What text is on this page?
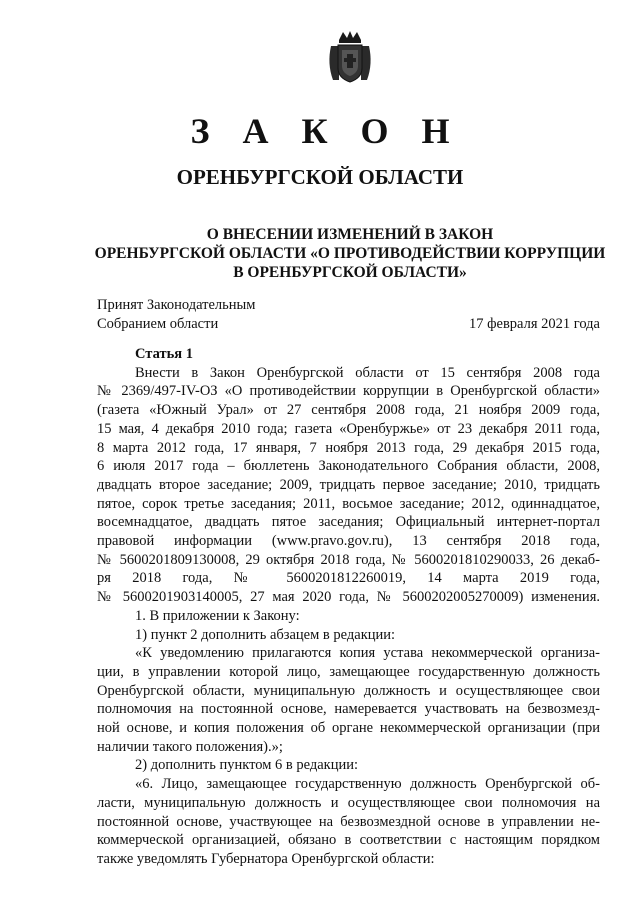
З А К О Н
ОРЕНБУРГСКОЙ ОБЛАСТИ
О ВНЕСЕНИИ ИЗМЕНЕНИЙ В ЗАКОН
ОРЕНБУРГСКОЙ ОБЛАСТИ «О ПРОТИВОДЕЙСТВИИ КОРРУПЦИИ
В ОРЕНБУРГСКОЙ ОБЛАСТИ»
Принят Законодательным
Собранием области	17 февраля 2021 года
Статья 1
Внести в Закон Оренбургской области от 15 сентября 2008 года
№ 2369/497-IV-ОЗ «О противодействии коррупции в Оренбургской области»
(газета «Южный Урал» от 27 сентября 2008 года, 21 ноября 2009 года,
15 мая, 4 декабря 2010 года; газета «Оренбуржье» от 23 декабря 2011 года,
8 марта 2012 года, 17 января, 7 ноября 2013 года, 29 декабря 2015 года,
6 июля 2017 года – бюллетень Законодательного Собрания области, 2008,
двадцать второе заседание; 2009, тридцать первое заседание; 2010, тридцать
пятое, сорок третье заседания; 2011, восьмое заседание; 2012, одиннадцатое,
восемнадцатое, двадцать пятое заседания; Официальный интернет-портал
правовой информации (www.pravo.gov.ru), 13 сентября 2018 года,
№ 5600201809130008, 29 октября 2018 года, № 5600201810290033, 26 декаб-
ря 2018 года, № 5600201812260019, 14 марта 2019 года,
№ 5600201903140005, 27 мая 2020 года, № 5600202005270009) изменения.
1. В приложении к Закону:
1) пункт 2 дополнить абзацем в редакции:
«К уведомлению прилагаются копия устава некоммерческой организа-
ции, в управлении которой лицо, замещающее государственную должность
Оренбургской области, муниципальную должность и осуществляющее свои
полномочия на постоянной основе, намеревается участвовать на безвозмезд-
ной основе, и копия положения об органе некоммерческой организации (при
наличии такого положения).»;
2) дополнить пунктом 6 в редакции:
«6. Лицо, замещающее государственную должность Оренбургской об-
ласти, муниципальную должность и осуществляющее свои полномочия на
постоянной основе, участвующее на безвозмездной основе в управлении не-
коммерческой организацией, обязано в соответствии с настоящим порядком
также уведомлять Губернатора Оренбургской области:
